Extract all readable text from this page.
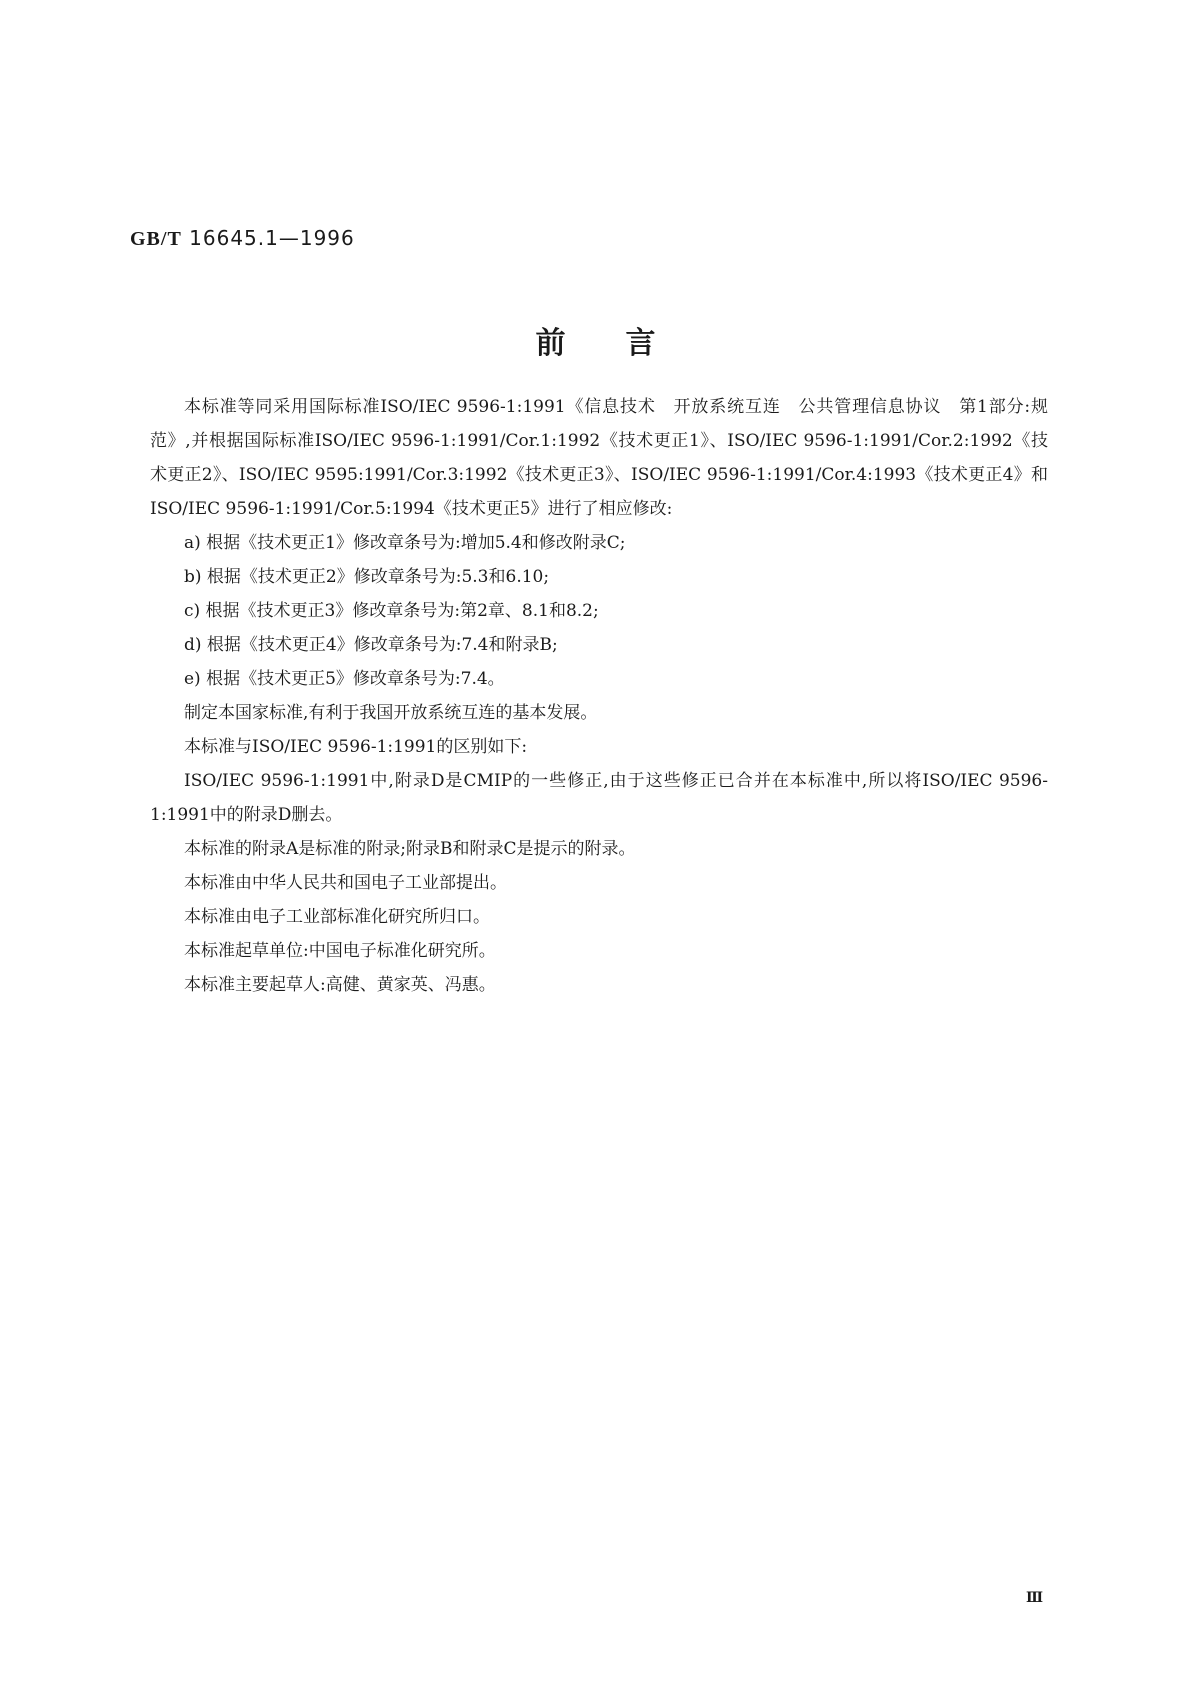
GB/T 16645.1—1996
前言

本标准等同采用国际标准ISO/IEC 9596-1:1991《信息技术　开放系统互连　公共管理信息协议　第1部分:规范》,并根据国际标准ISO/IEC 9596-1:1991/Cor.1:1992《技术更正1》、ISO/IEC 9596-1:1991/Cor.2:1992《技术更正2》、ISO/IEC 9595:1991/Cor.3:1992《技术更正3》、ISO/IEC 9596-1:1991/Cor.4:1993《技术更正4》和ISO/IEC 9596-1:1991/Cor.5:1994《技术更正5》进行了相应修改:

a) 根据《技术更正1》修改章条号为:增加5.4和修改附录C;

b) 根据《技术更正2》修改章条号为:5.3和6.10;

c) 根据《技术更正3》修改章条号为:第2章、8.1和8.2;

d) 根据《技术更正4》修改章条号为:7.4和附录B;

e) 根据《技术更正5》修改章条号为:7.4。

制定本国家标准,有利于我国开放系统互连的基本发展。

本标准与ISO/IEC 9596-1:1991的区别如下:

ISO/IEC 9596-1:1991中,附录D是CMIP的一些修正,由于这些修正已合并在本标准中,所以将ISO/IEC 9596-1:1991中的附录D删去。

本标准的附录A是标准的附录;附录B和附录C是提示的附录。

本标准由中华人民共和国电子工业部提出。

本标准由电子工业部标准化研究所归口。

本标准起草单位:中国电子标准化研究所。

本标准主要起草人:高健、黄家英、冯惠。

Ⅲ
